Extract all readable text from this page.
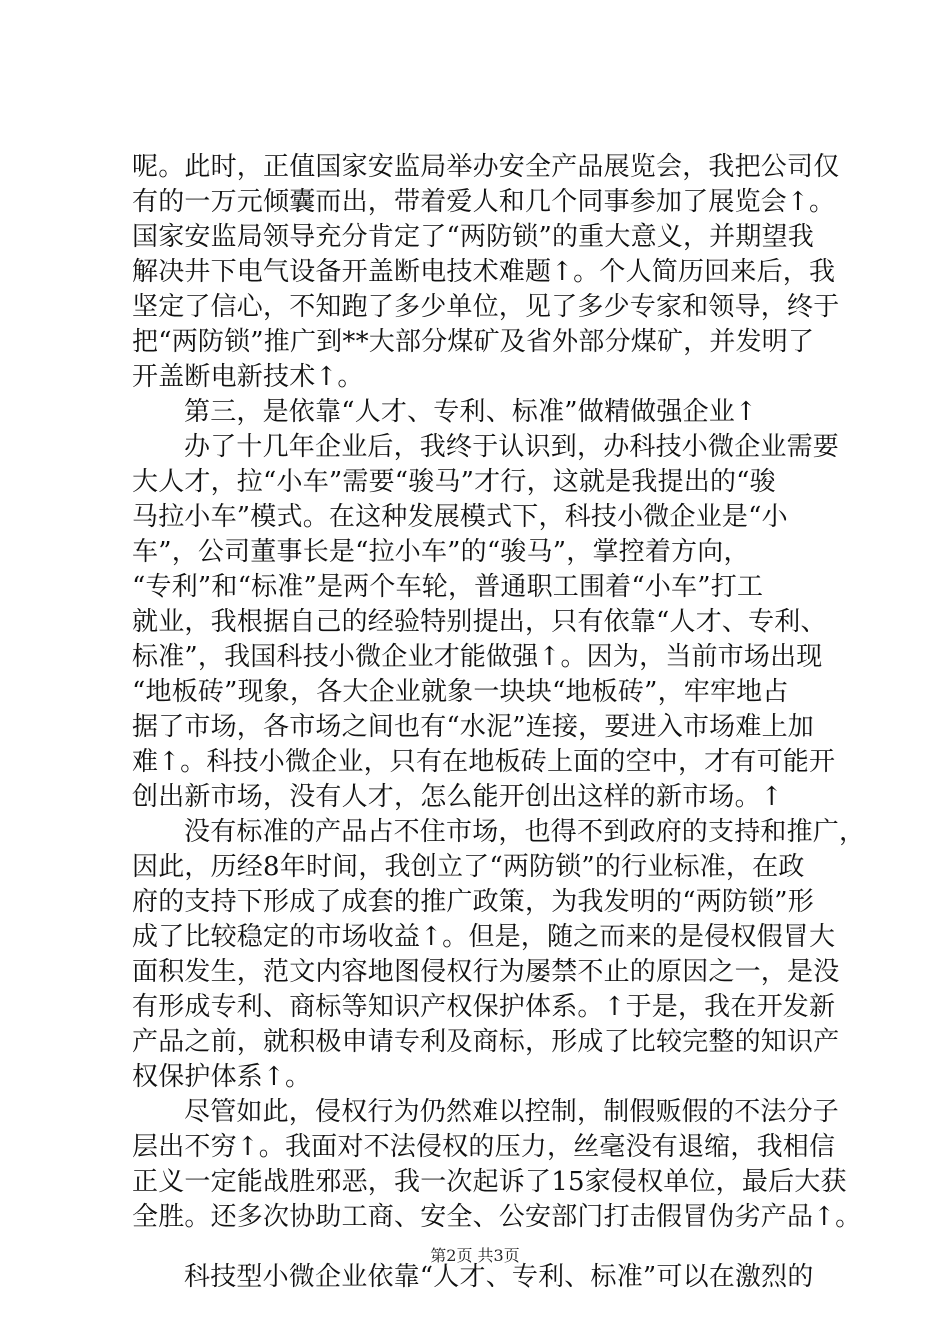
呢。此时，正值国家安监局举办安全产品展览会，我把公司仅
有的一万元倾囊而出，带着爱人和几个同事参加了展览会↑。
国家安监局领导充分肯定了“两防锁”的重大意义，并期望我
解决井下电气设备开盖断电技术难题↑。个人简历回来后，我
坚定了信心，不知跑了多少单位，见了多少专家和领导，终于
把“两防锁”推广到**大部分煤矿及省外部分煤矿，并发明了
开盖断电新技术↑。
第三，是依靠“人才、专利、标准”做精做强企业↑
办了十几年企业后，我终于认识到，办科技小微企业需要
大人才，拉“小车”需要“骏马”才行，这就是我提出的“骏
马拉小车”模式。在这种发展模式下，科技小微企业是“小
车”，公司董事长是“拉小车”的“骏马”，掌控着方向，
“专利”和“标准”是两个车轮，普通职工围着“小车”打工
就业，我根据自己的经验特别提出，只有依靠“人才、专利、
标准”，我国科技小微企业才能做强↑。因为，当前市场出现
“地板砖”现象，各大企业就象一块块“地板砖”，牢牢地占
据了市场，各市场之间也有“水泥”连接，要进入市场难上加
难↑。科技小微企业，只有在地板砖上面的空中，才有可能开
创出新市场，没有人才，怎么能开创出这样的新市场。↑
没有标准的产品占不住市场，也得不到政府的支持和推广，
因此，历经8年时间，我创立了“两防锁”的行业标准，在政
府的支持下形成了成套的推广政策，为我发明的“两防锁”形
成了比较稳定的市场收益↑。但是，随之而来的是侵权假冒大
面积发生，范文内容地图侵权行为屡禁不止的原因之一，是没
有形成专利、商标等知识产权保护体系。↑于是，我在开发新
产品之前，就积极申请专利及商标，形成了比较完整的知识产
权保护体系↑。
尽管如此，侵权行为仍然难以控制，制假贩假的不法分子
层出不穷↑。我面对不法侵权的压力，丝毫没有退缩，我相信
正义一定能战胜邪恶，我一次起诉了15家侵权单位，最后大获
全胜。还多次协助工商、安全、公安部门打击假冒伪劣产品↑。
科技型小微企业依靠“人才、专利、标准”可以在激烈的
第2页 共3页
